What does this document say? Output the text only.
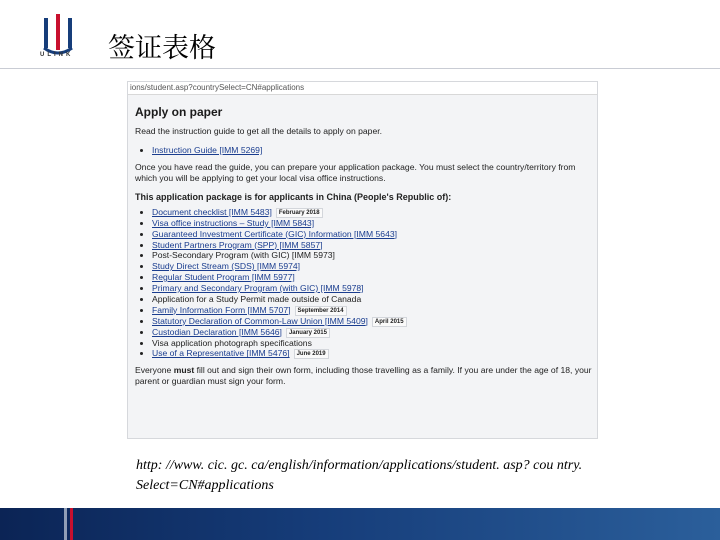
ULINK 签证表格
ions/student.asp?countrySelect=CN#applications
Apply on paper
Read the instruction guide to get all the details to apply on paper.
• Instruction Guide [IMM 5269]
Once you have read the guide, you can prepare your application package. You must select the country/territory from which you will be applying to get your local visa office instructions.
This application package is for applicants in China (People's Republic of):
• Document checklist [IMM 5483] February 2018
• Visa office instructions – Study [IMM 5843]
• Guaranteed Investment Certificate (GIC) Information [IMM 5643]
• Student Partners Program (SPP) [IMM 5857]
• Post-Secondary Program (with GIC) [IMM 5973]
• Study Direct Stream (SDS) [IMM 5974]
• Regular Student Program [IMM 5977]
• Primary and Secondary Program (with GIC) [IMM 5978]
• Application for a Study Permit made outside of Canada
• Family Information Form [IMM 5707] September 2014
• Statutory Declaration of Common-Law Union [IMM 5409] April 2015
• Custodian Declaration [IMM 5646] January 2015
• Visa application photograph specifications
• Use of a Representative [IMM 5476] June 2019

Everyone must fill out and sign their own form, including those travelling as a family. If you are under the age of 18, your parent or guardian must sign your form.

http: //www. cic. gc. ca/english/information/applications/student. asp? cou ntry. Select=CN#applications
